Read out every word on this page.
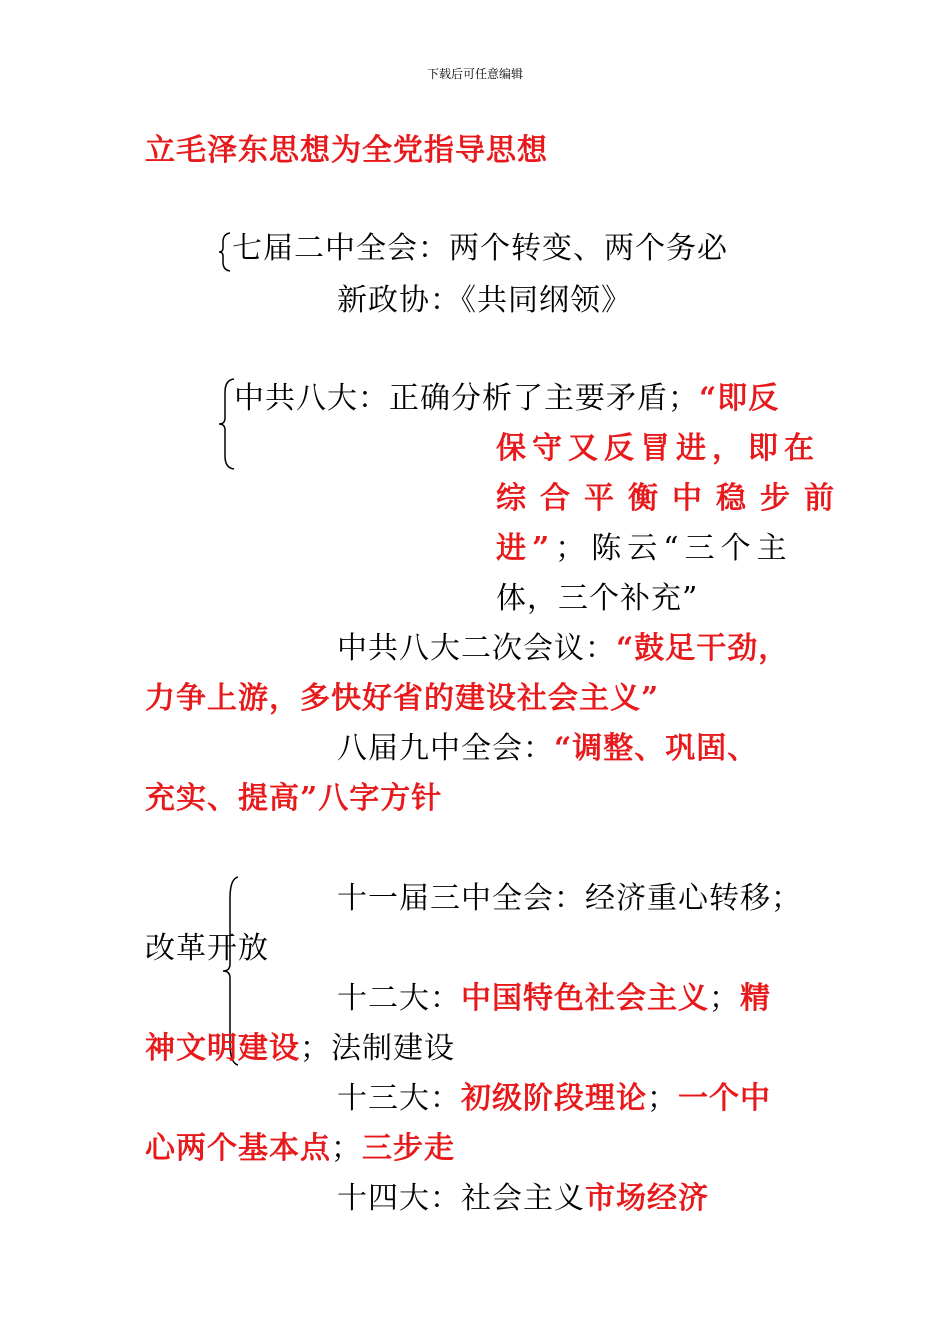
下载后可任意编辑
立毛泽东思想为全党指导思想
七届二中全会：两个转变、两个务必
新政协：《共同纲领》
中共八大：正确分析了主要矛盾；“即反
保守又反冒进，即在
综合平衡中稳步前
进”；陈云“三个主
体，三个补充”
中共八大二次会议：“鼓足干劲，
力争上游，多快好省的建设社会主义”
八届九中全会：“调整、巩固、
充实、提高”八字方针
十一届三中全会：经济重心转移；
改革开放
十二大：中国特色社会主义；精
神文明建设；法制建设
十三大：初级阶段理论；一个中
心两个基本点；三步走
十四大：社会主义市场经济
